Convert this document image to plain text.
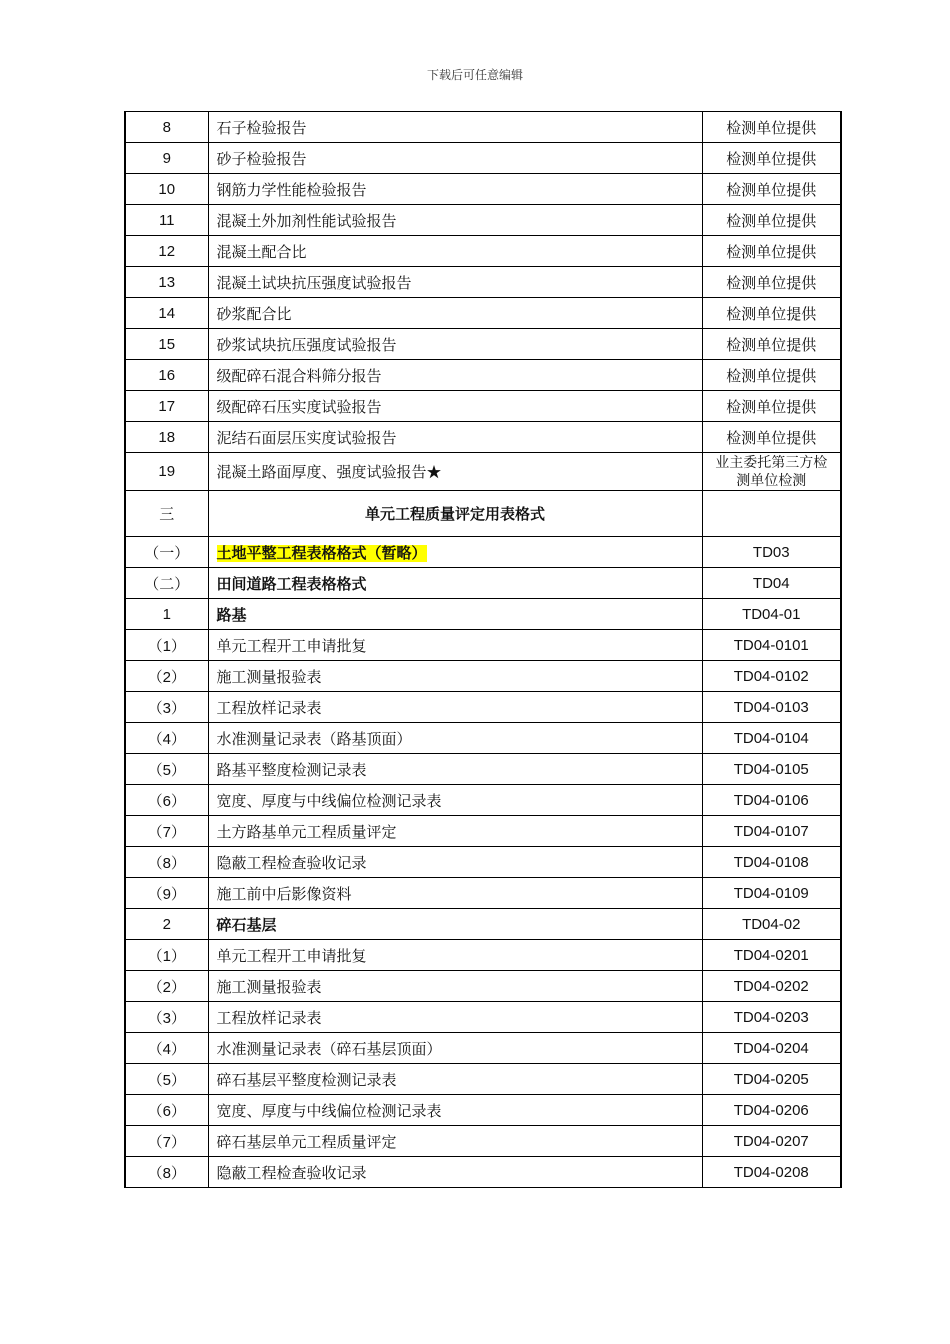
下载后可任意编辑
8	石子检验报告	检测单位提供
9	砂子检验报告	检测单位提供
10	钢筋力学性能检验报告	检测单位提供
11	混凝土外加剂性能试验报告	检测单位提供
12	混凝土配合比	检测单位提供
13	混凝土试块抗压强度试验报告	检测单位提供
14	砂浆配合比	检测单位提供
15	砂浆试块抗压强度试验报告	检测单位提供
16	级配碎石混合料筛分报告	检测单位提供
17	级配碎石压实度试验报告	检测单位提供
18	泥结石面层压实度试验报告	检测单位提供
19	混凝土路面厚度、强度试验报告★	业主委托第三方检测单位检测
三	单元工程质量评定用表格式	
（一）	土地平整工程表格格式（暂略）	TD03
（二）	田间道路工程表格格式	TD04
1	路基	TD04-01
（1）	单元工程开工申请批复	TD04-0101
（2）	施工测量报验表	TD04-0102
（3）	工程放样记录表	TD04-0103
（4）	水准测量记录表（路基顶面）	TD04-0104
（5）	路基平整度检测记录表	TD04-0105
（6）	宽度、厚度与中线偏位检测记录表	TD04-0106
（7）	土方路基单元工程质量评定	TD04-0107
（8）	隐蔽工程检查验收记录	TD04-0108
（9）	施工前中后影像资料	TD04-0109
2	碎石基层	TD04-02
（1）	单元工程开工申请批复	TD04-0201
（2）	施工测量报验表	TD04-0202
（3）	工程放样记录表	TD04-0203
（4）	水准测量记录表（碎石基层顶面）	TD04-0204
（5）	碎石基层平整度检测记录表	TD04-0205
（6）	宽度、厚度与中线偏位检测记录表	TD04-0206
（7）	碎石基层单元工程质量评定	TD04-0207
（8）	隐蔽工程检查验收记录	TD04-0208
